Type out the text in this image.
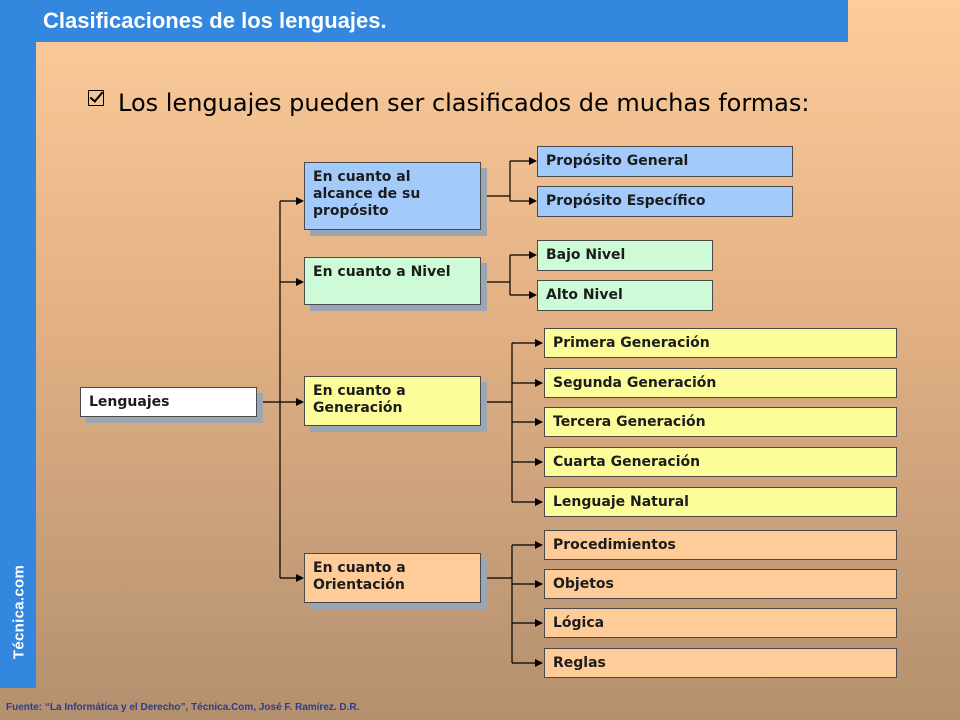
Técnica.com
Clasificaciones de los lenguajes.
Los lenguajes pueden ser clasificados de muchas formas:
Lenguajes
En cuanto al alcance de su propósito
En cuanto a Nivel
En cuanto a Generación
En cuanto a Orientación
Propósito General
Propósito Específico
Bajo Nivel
Alto Nivel
Primera Generación
Segunda Generación
Tercera Generación
Cuarta Generación
Lenguaje Natural
Procedimientos
Objetos
Lógica
Reglas
Fuente: “La Informática y el Derecho”, Técnica.Com, José F. Ramírez. D.R.
